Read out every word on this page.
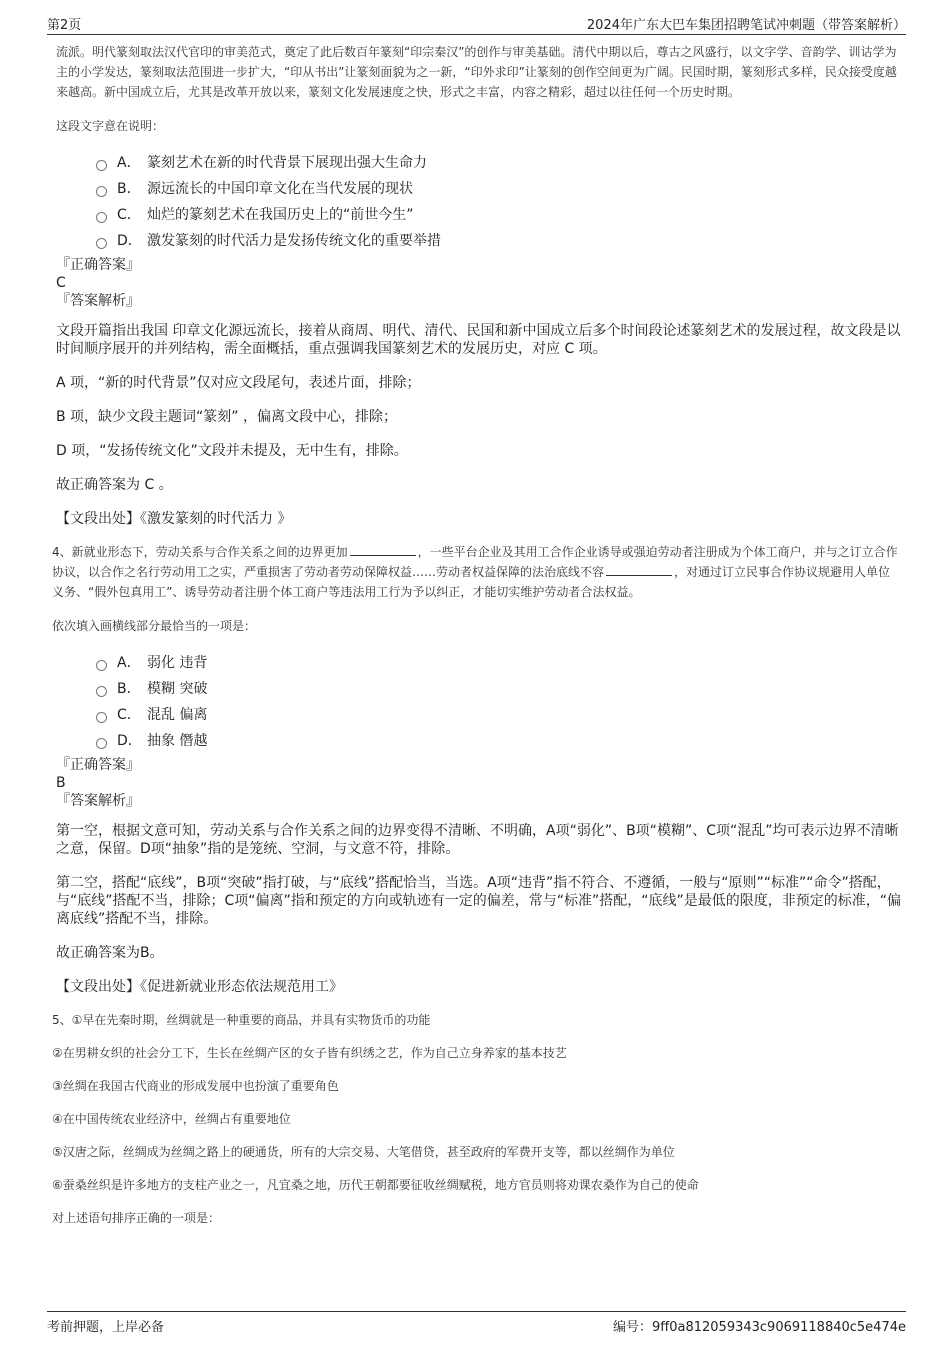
第2页	2024年广东大巴车集团招聘笔试冲刺题（带答案解析）

流派。明代篆刻取法汉代官印的审美范式，奠定了此后数百年篆刻“印宗秦汉”的创作与审美基础。清代中期以后，尊古之风盛行，以文字学、音韵学、训诂学为主的小学发达，篆刻取法范围进一步扩大，“印从书出”让篆刻面貌为之一新，“印外求印”让篆刻的创作空间更为广阔。民国时期，篆刻形式多样，民众接受度越来越高。新中国成立后，尤其是改革开放以来，篆刻文化发展速度之快，形式之丰富，内容之精彩，超过以往任何一个历史时期。

这段文字意在说明：

A． 篆刻艺术在新的时代背景下展现出强大生命力
B． 源远流长的中国印章文化在当代发展的现状
C． 灿烂的篆刻艺术在我国历史上的“前世今生”
D． 激发篆刻的时代活力是发扬传统文化的重要举措

『正确答案』

C

『答案解析』

文段开篇指出我国 印章文化源远流长，接着从商周、明代、清代、民国和新中国成立后多个时间段论述篆刻艺术的发展过程，故文段是以时间顺序展开的并列结构，需全面概括，重点强调我国篆刻艺术的发展历史，对应 C 项。

A 项，“新的时代背景”仅对应文段尾句，表述片面，排除；

B 项，缺少文段主题词“篆刻” ，偏离文段中心，排除；

D 项，“发扬传统文化”文段并未提及，无中生有，排除。

故正确答案为 C 。

【文段出处】《激发篆刻的时代活力 》

4、新就业形态下，劳动关系与合作关系之间的边界更加	，一些平台企业及其用工合作企业诱导或强迫劳动者注册成为个体工商户，并与之订立合作协议，以合作之名行劳动用工之实，严重损害了劳动者劳动保障权益……劳动者权益保障的法治底线不容	，对通过订立民事合作协议规避用人单位义务、“假外包真用工”、诱导劳动者注册个体工商户等违法用工行为予以纠正，才能切实维护劳动者合法权益。

依次填入画横线部分最恰当的一项是：

A． 弱化 违背
B． 模糊 突破
C． 混乱 偏离
D． 抽象 僭越

『正确答案』

B

『答案解析』

第一空，根据文意可知，劳动关系与合作关系之间的边界变得不清晰、不明确，A项“弱化”、B项“模糊”、C项“混乱”均可表示边界不清晰之意，保留。D项“抽象”指的是笼统、空洞，与文意不符，排除。

第二空，搭配“底线”，B项“突破”指打破，与“底线”搭配恰当，当选。A项“违背”指不符合、不遵循，一般与“原则”“标准”“命令”搭配，与“底线”搭配不当，排除；C项“偏离”指和预定的方向或轨迹有一定的偏差，常与“标准”搭配，“底线”是最低的限度，非预定的标准，“偏离底线”搭配不当，排除。

故正确答案为B。

【文段出处】《促进新就业形态依法规范用工》

5、①早在先秦时期，丝绸就是一种重要的商品，并具有实物货币的功能

②在男耕女织的社会分工下，生长在丝绸产区的女子皆有织绣之艺，作为自己立身养家的基本技艺

③丝绸在我国古代商业的形成发展中也扮演了重要角色

④在中国传统农业经济中，丝绸占有重要地位

⑤汉唐之际，丝绸成为丝绸之路上的硬通货，所有的大宗交易、大笔借贷，甚至政府的军费开支等，都以丝绸作为单位

⑥蚕桑丝织是许多地方的支柱产业之一，凡宜桑之地，历代王朝都要征收丝绸赋税，地方官员则将劝课农桑作为自己的使命

对上述语句排序正确的一项是：

考前押题，上岸必备	编号：9ff0a812059343c9069118840c5e474e
